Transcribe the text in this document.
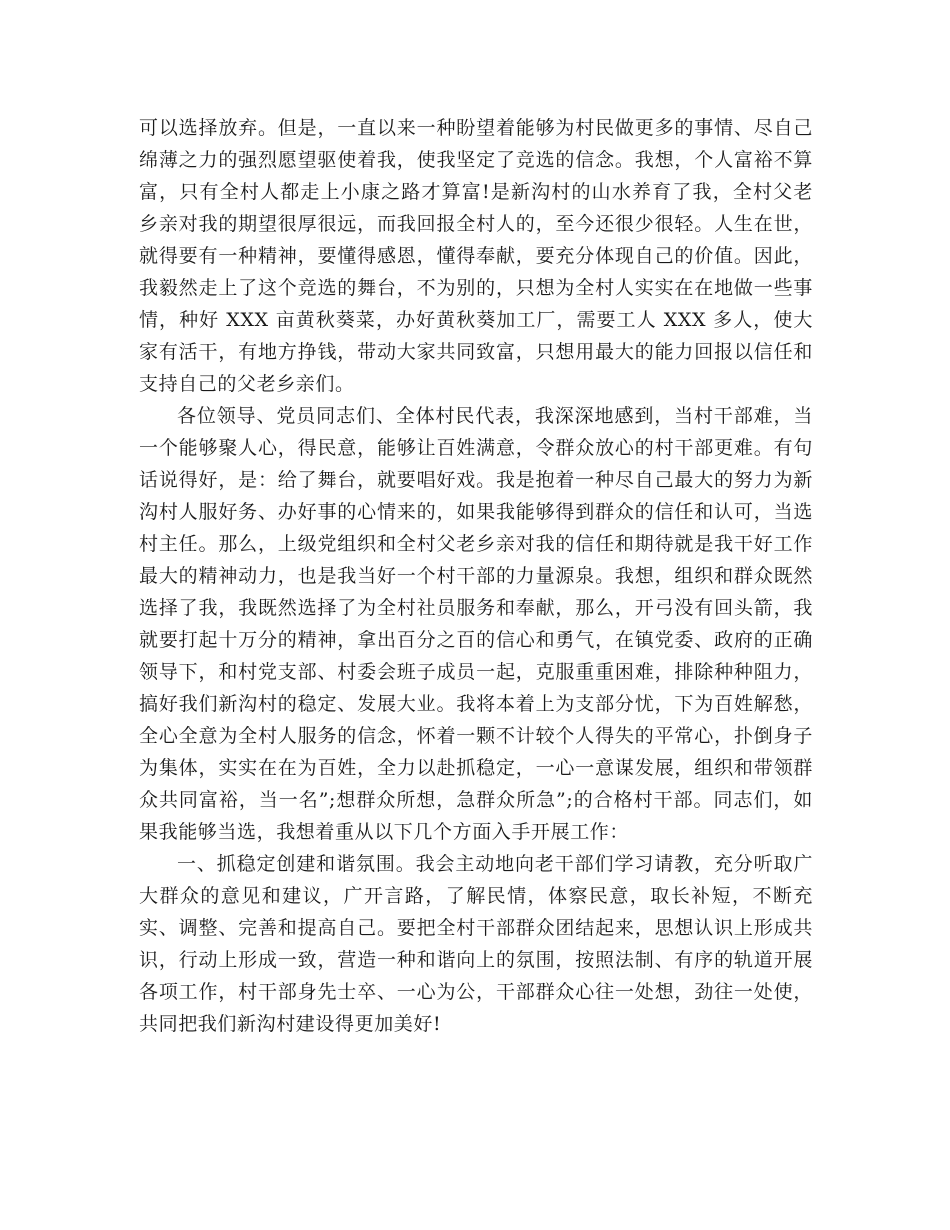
可以选择放弃。但是，一直以来一种盼望着能够为村民做更多的事情、尽自己绵薄之力的强烈愿望驱使着我，使我坚定了竞选的信念。我想，个人富裕不算富，只有全村人都走上小康之路才算富!是新沟村的山水养育了我，全村父老乡亲对我的期望很厚很远，而我回报全村人的，至今还很少很轻。人生在世，就得要有一种精神，要懂得感恩，懂得奉献，要充分体现自己的价值。因此，我毅然走上了这个竞选的舞台，不为别的，只想为全村人实实在在地做一些事情，种好 XXX 亩黄秋葵菜，办好黄秋葵加工厂，需要工人 XXX 多人，使大家有活干，有地方挣钱，带动大家共同致富，只想用最大的能力回报以信任和支持自己的父老乡亲们。

各位领导、党员同志们、全体村民代表，我深深地感到，当村干部难，当一个能够聚人心，得民意，能够让百姓满意，令群众放心的村干部更难。有句话说得好，是：给了舞台，就要唱好戏。我是抱着一种尽自己最大的努力为新沟村人服好务、办好事的心情来的，如果我能够得到群众的信任和认可，当选村主任。那么，上级党组织和全村父老乡亲对我的信任和期待就是我干好工作最大的精神动力，也是我当好一个村干部的力量源泉。我想，组织和群众既然选择了我，我既然选择了为全村社员服务和奉献，那么，开弓没有回头箭，我就要打起十万分的精神，拿出百分之百的信心和勇气，在镇党委、政府的正确领导下，和村党支部、村委会班子成员一起，克服重重困难，排除种种阻力，搞好我们新沟村的稳定、发展大业。我将本着上为支部分忧，下为百姓解愁，全心全意为全村人服务的信念，怀着一颗不计较个人得失的平常心，扑倒身子为集体，实实在在为百姓，全力以赴抓稳定，一心一意谋发展，组织和带领群众共同富裕，当一名”;想群众所想，急群众所急”;的合格村干部。同志们，如果我能够当选，我想着重从以下几个方面入手开展工作：

一、抓稳定创建和谐氛围。我会主动地向老干部们学习请教，充分听取广大群众的意见和建议，广开言路，了解民情，体察民意，取长补短，不断充实、调整、完善和提高自己。要把全村干部群众团结起来，思想认识上形成共识，行动上形成一致，营造一种和谐向上的氛围，按照法制、有序的轨道开展各项工作，村干部身先士卒、一心为公，干部群众心往一处想，劲往一处使，共同把我们新沟村建设得更加美好!
